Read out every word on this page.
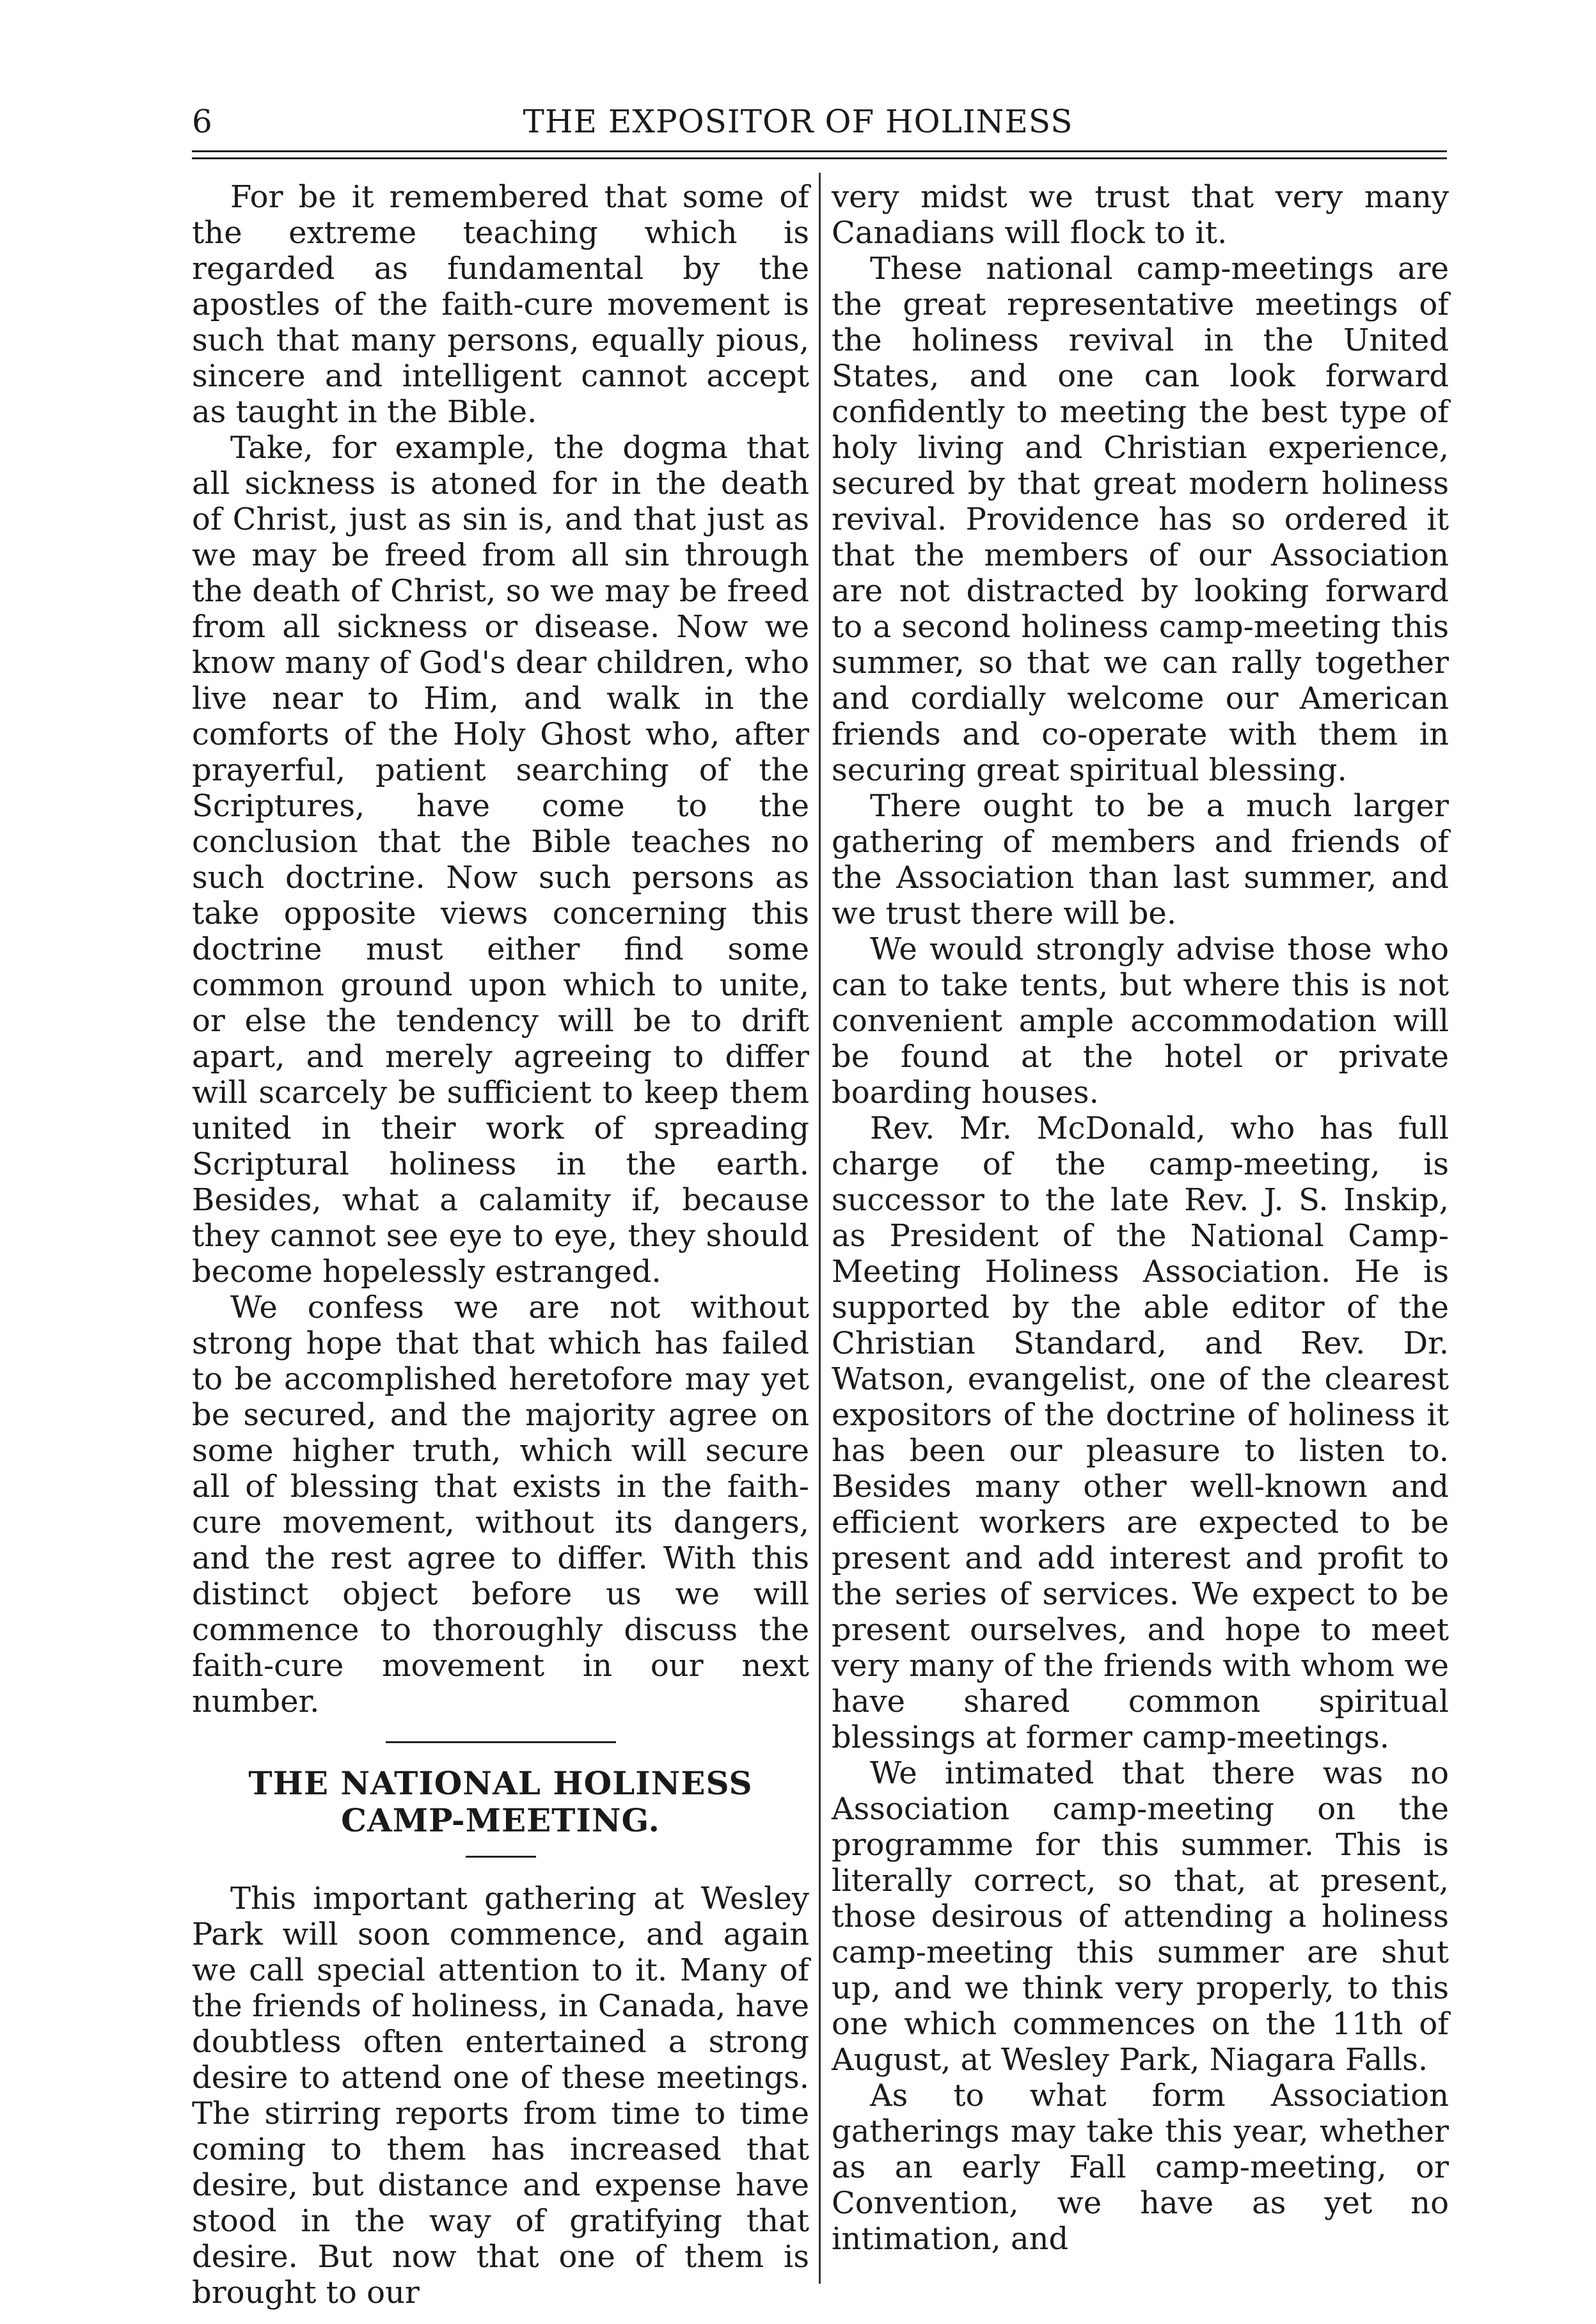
6	THE EXPOSITOR OF HOLINESS

For be it remembered that some of the extreme teaching which is regarded as fundamental by the apostles of the faith-cure movement is such that many persons, equally pious, sincere and intelligent cannot accept as taught in the Bible.

Take, for example, the dogma that all sickness is atoned for in the death of Christ, just as sin is, and that just as we may be freed from all sin through the death of Christ, so we may be freed from all sickness or disease. Now we know many of God's dear children, who live near to Him, and walk in the comforts of the Holy Ghost who, after prayerful, patient searching of the Scriptures, have come to the conclusion that the Bible teaches no such doctrine. Now such persons as take opposite views concerning this doctrine must either find some common ground upon which to unite, or else the tendency will be to drift apart, and merely agreeing to differ will scarcely be sufficient to keep them united in their work of spreading Scriptural holiness in the earth. Besides, what a calamity if, because they cannot see eye to eye, they should become hopelessly estranged.

We confess we are not without strong hope that that which has failed to be accomplished heretofore may yet be secured, and the majority agree on some higher truth, which will secure all of blessing that exists in the faith-cure movement, without its dangers, and the rest agree to differ. With this distinct object before us we will commence to thoroughly discuss the faith-cure movement in our next number.

THE NATIONAL HOLINESS CAMP-MEETING.

This important gathering at Wesley Park will soon commence, and again we call special attention to it. Many of the friends of holiness, in Canada, have doubtless often entertained a strong desire to attend one of these meetings. The stirring reports from time to time coming to them has increased that desire, but distance and expense have stood in the way of gratifying that desire. But now that one of them is brought to our

very midst we trust that very many Canadians will flock to it.

These national camp-meetings are the great representative meetings of the holiness revival in the United States, and one can look forward confidently to meeting the best type of holy living and Christian experience, secured by that great modern holiness revival. Providence has so ordered it that the members of our Association are not distracted by looking forward to a second holiness camp-meeting this summer, so that we can rally together and cordially welcome our American friends and co-operate with them in securing great spiritual blessing.

There ought to be a much larger gathering of members and friends of the Association than last summer, and we trust there will be.

We would strongly advise those who can to take tents, but where this is not convenient ample accommodation will be found at the hotel or private boarding houses.

Rev. Mr. McDonald, who has full charge of the camp-meeting, is successor to the late Rev. J. S. Inskip, as President of the National Camp-Meeting Holiness Association. He is supported by the able editor of the Christian Standard, and Rev. Dr. Watson, evangelist, one of the clearest expositors of the doctrine of holiness it has been our pleasure to listen to. Besides many other well-known and efficient workers are expected to be present and add interest and profit to the series of services. We expect to be present ourselves, and hope to meet very many of the friends with whom we have shared common spiritual blessings at former camp-meetings.

We intimated that there was no Association camp-meeting on the programme for this summer. This is literally correct, so that, at present, those desirous of attending a holiness camp-meeting this summer are shut up, and we think very properly, to this one which commences on the 11th of August, at Wesley Park, Niagara Falls.

As to what form Association gatherings may take this year, whether as an early Fall camp-meeting, or Convention, we have as yet no intimation, and
